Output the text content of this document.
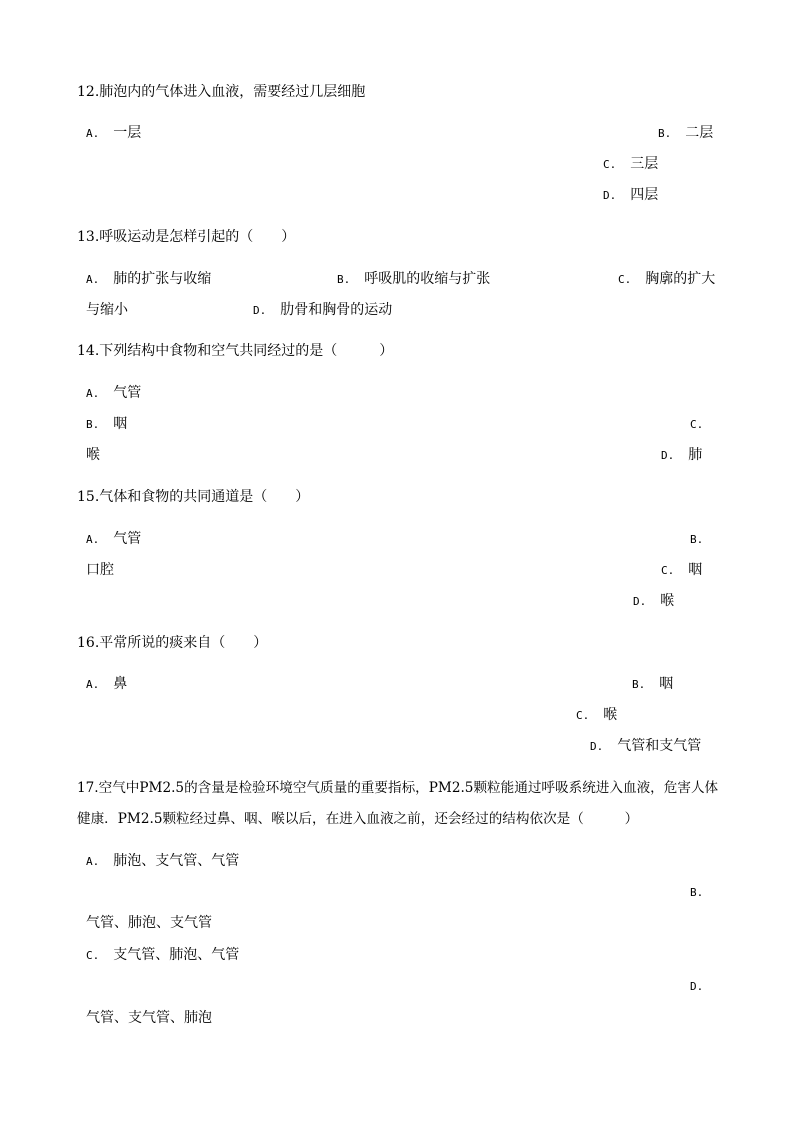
12.肺泡内的气体进入血液，需要经过几层细胞
A. 一层	B. 二层
C. 三层
D. 四层
13.呼吸运动是怎样引起的（　　）
A. 肺的扩张与收缩	B. 呼吸肌的收缩与扩张	C. 胸廓的扩大
与缩小	D. 肋骨和胸骨的运动
14.下列结构中食物和空气共同经过的是（　　　）
A. 气管
B. 咽	C.
喉	D. 肺
15.气体和食物的共同通道是（　　）
A. 气管	B.
口腔	C. 咽
D. 喉
16.平常所说的痰来自（　　）
A. 鼻	B. 咽
C. 喉
D. 气管和支气管
17.空气中PM2.5的含量是检验环境空气质量的重要指标，PM2.5颗粒能通过呼吸系统进入血液，危害人体
健康．PM2.5颗粒经过鼻、咽、喉以后，在进入血液之前，还会经过的结构依次是（　　　）
A. 肺泡、支气管、气管
B.
气管、肺泡、支气管
C. 支气管、肺泡、气管
D.
气管、支气管、肺泡
